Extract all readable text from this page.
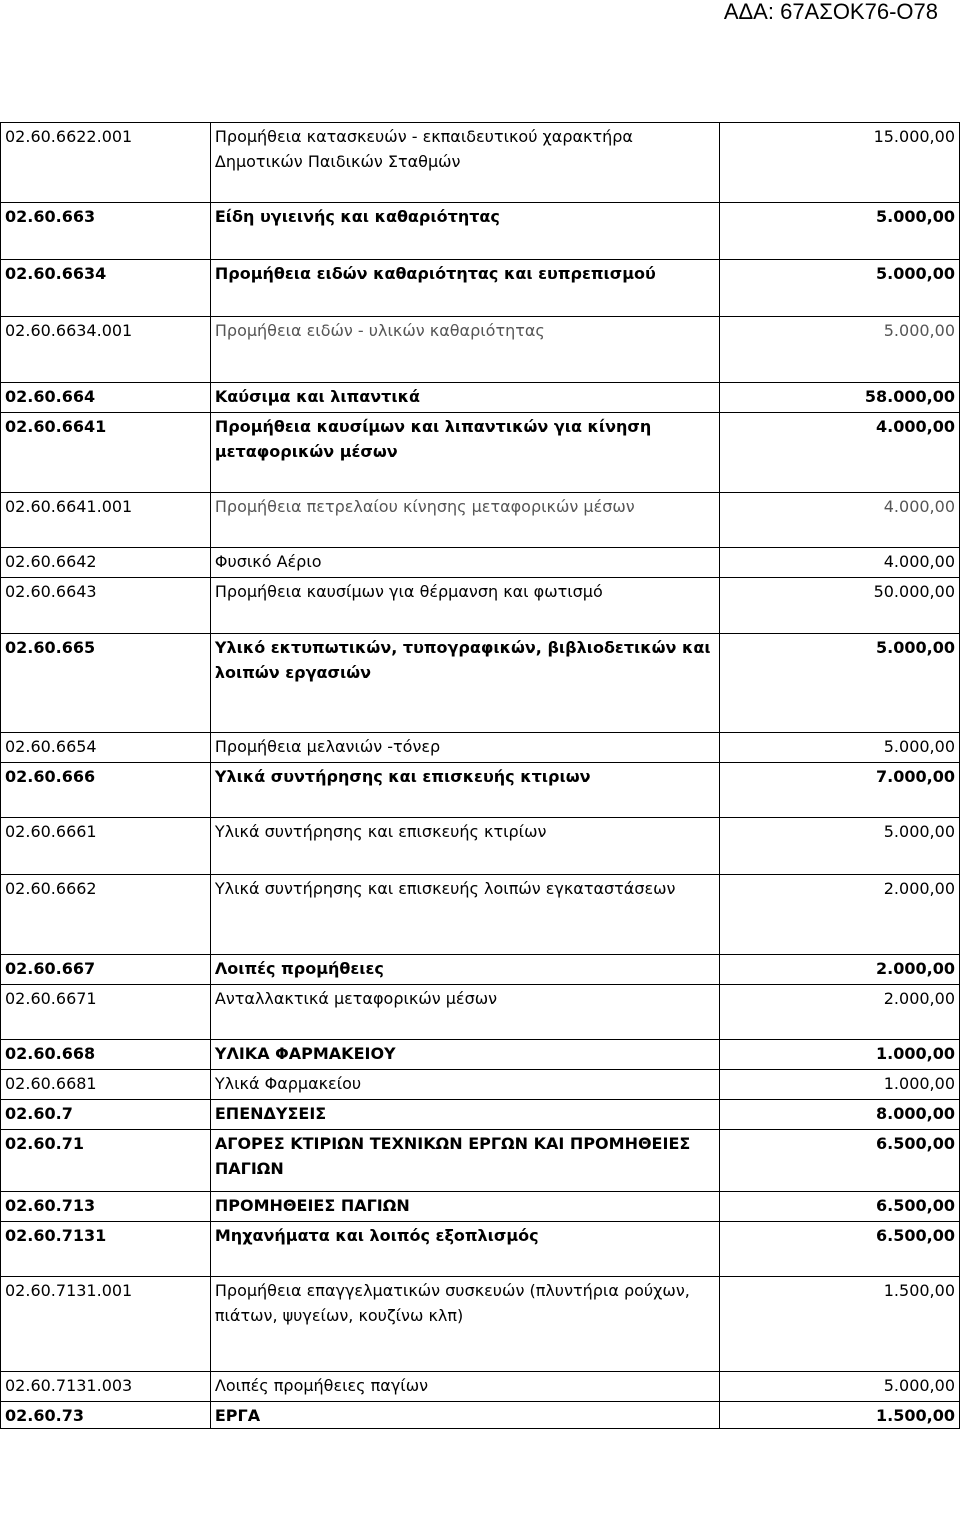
ΑΔΑ: 67ΑΣΟΚ76-Ο78
02.60.6622.001	Προμήθεια κατασκευών - εκπαιδευτικού χαρακτήρα Δημοτικών Παιδικών Σταθμών	15.000,00
02.60.663	Είδη υγιεινής και καθαριότητας	5.000,00
02.60.6634	Προμήθεια ειδών καθαριότητας και ευπρεπισμού	5.000,00
02.60.6634.001	Προμήθεια ειδών - υλικών καθαριότητας	5.000,00
02.60.664	Καύσιμα και λιπαντικά	58.000,00
02.60.6641	Προμήθεια καυσίμων και λιπαντικών για κίνηση μεταφορικών μέσων	4.000,00
02.60.6641.001	Προμήθεια πετρελαίου κίνησης μεταφορικών μέσων	4.000,00
02.60.6642	Φυσικό Αέριο	4.000,00
02.60.6643	Προμήθεια καυσίμων για θέρμανση και φωτισμό	50.000,00
02.60.665	Υλικό εκτυπωτικών, τυπογραφικών, βιβλιοδετικών και λοιπών εργασιών	5.000,00
02.60.6654	Προμήθεια μελανιών -τόνερ	5.000,00
02.60.666	Υλικά συντήρησης και επισκευής κτιριων	7.000,00
02.60.6661	Υλικά συντήρησης και επισκευής κτιρίων	5.000,00
02.60.6662	Υλικά συντήρησης και επισκευής λοιπών εγκαταστάσεων	2.000,00
02.60.667	Λοιπές προμήθειες	2.000,00
02.60.6671	Ανταλλακτικά μεταφορικών μέσων	2.000,00
02.60.668	ΥΛΙΚΑ ΦΑΡΜΑΚΕΙΟΥ	1.000,00
02.60.6681	Υλικά Φαρμακείου	1.000,00
02.60.7	ΕΠΕΝΔΥΣΕΙΣ	8.000,00
02.60.71	ΑΓΟΡΕΣ ΚΤΙΡΙΩΝ ΤΕΧΝΙΚΩΝ ΕΡΓΩΝ ΚΑΙ ΠΡΟΜΗΘΕΙΕΣ ΠΑΓΙΩΝ	6.500,00
02.60.713	ΠΡΟΜΗΘΕΙΕΣ ΠΑΓΙΩΝ	6.500,00
02.60.7131	Μηχανήματα και λοιπός εξοπλισμός	6.500,00
02.60.7131.001	Προμήθεια επαγγελματικών συσκευών (πλυντήρια ρούχων, πιάτων, ψυγείων, κουζίνω κλπ)	1.500,00
02.60.7131.003	Λοιπές προμήθειες παγίων	5.000,00
02.60.73	ΕΡΓΑ	1.500,00
